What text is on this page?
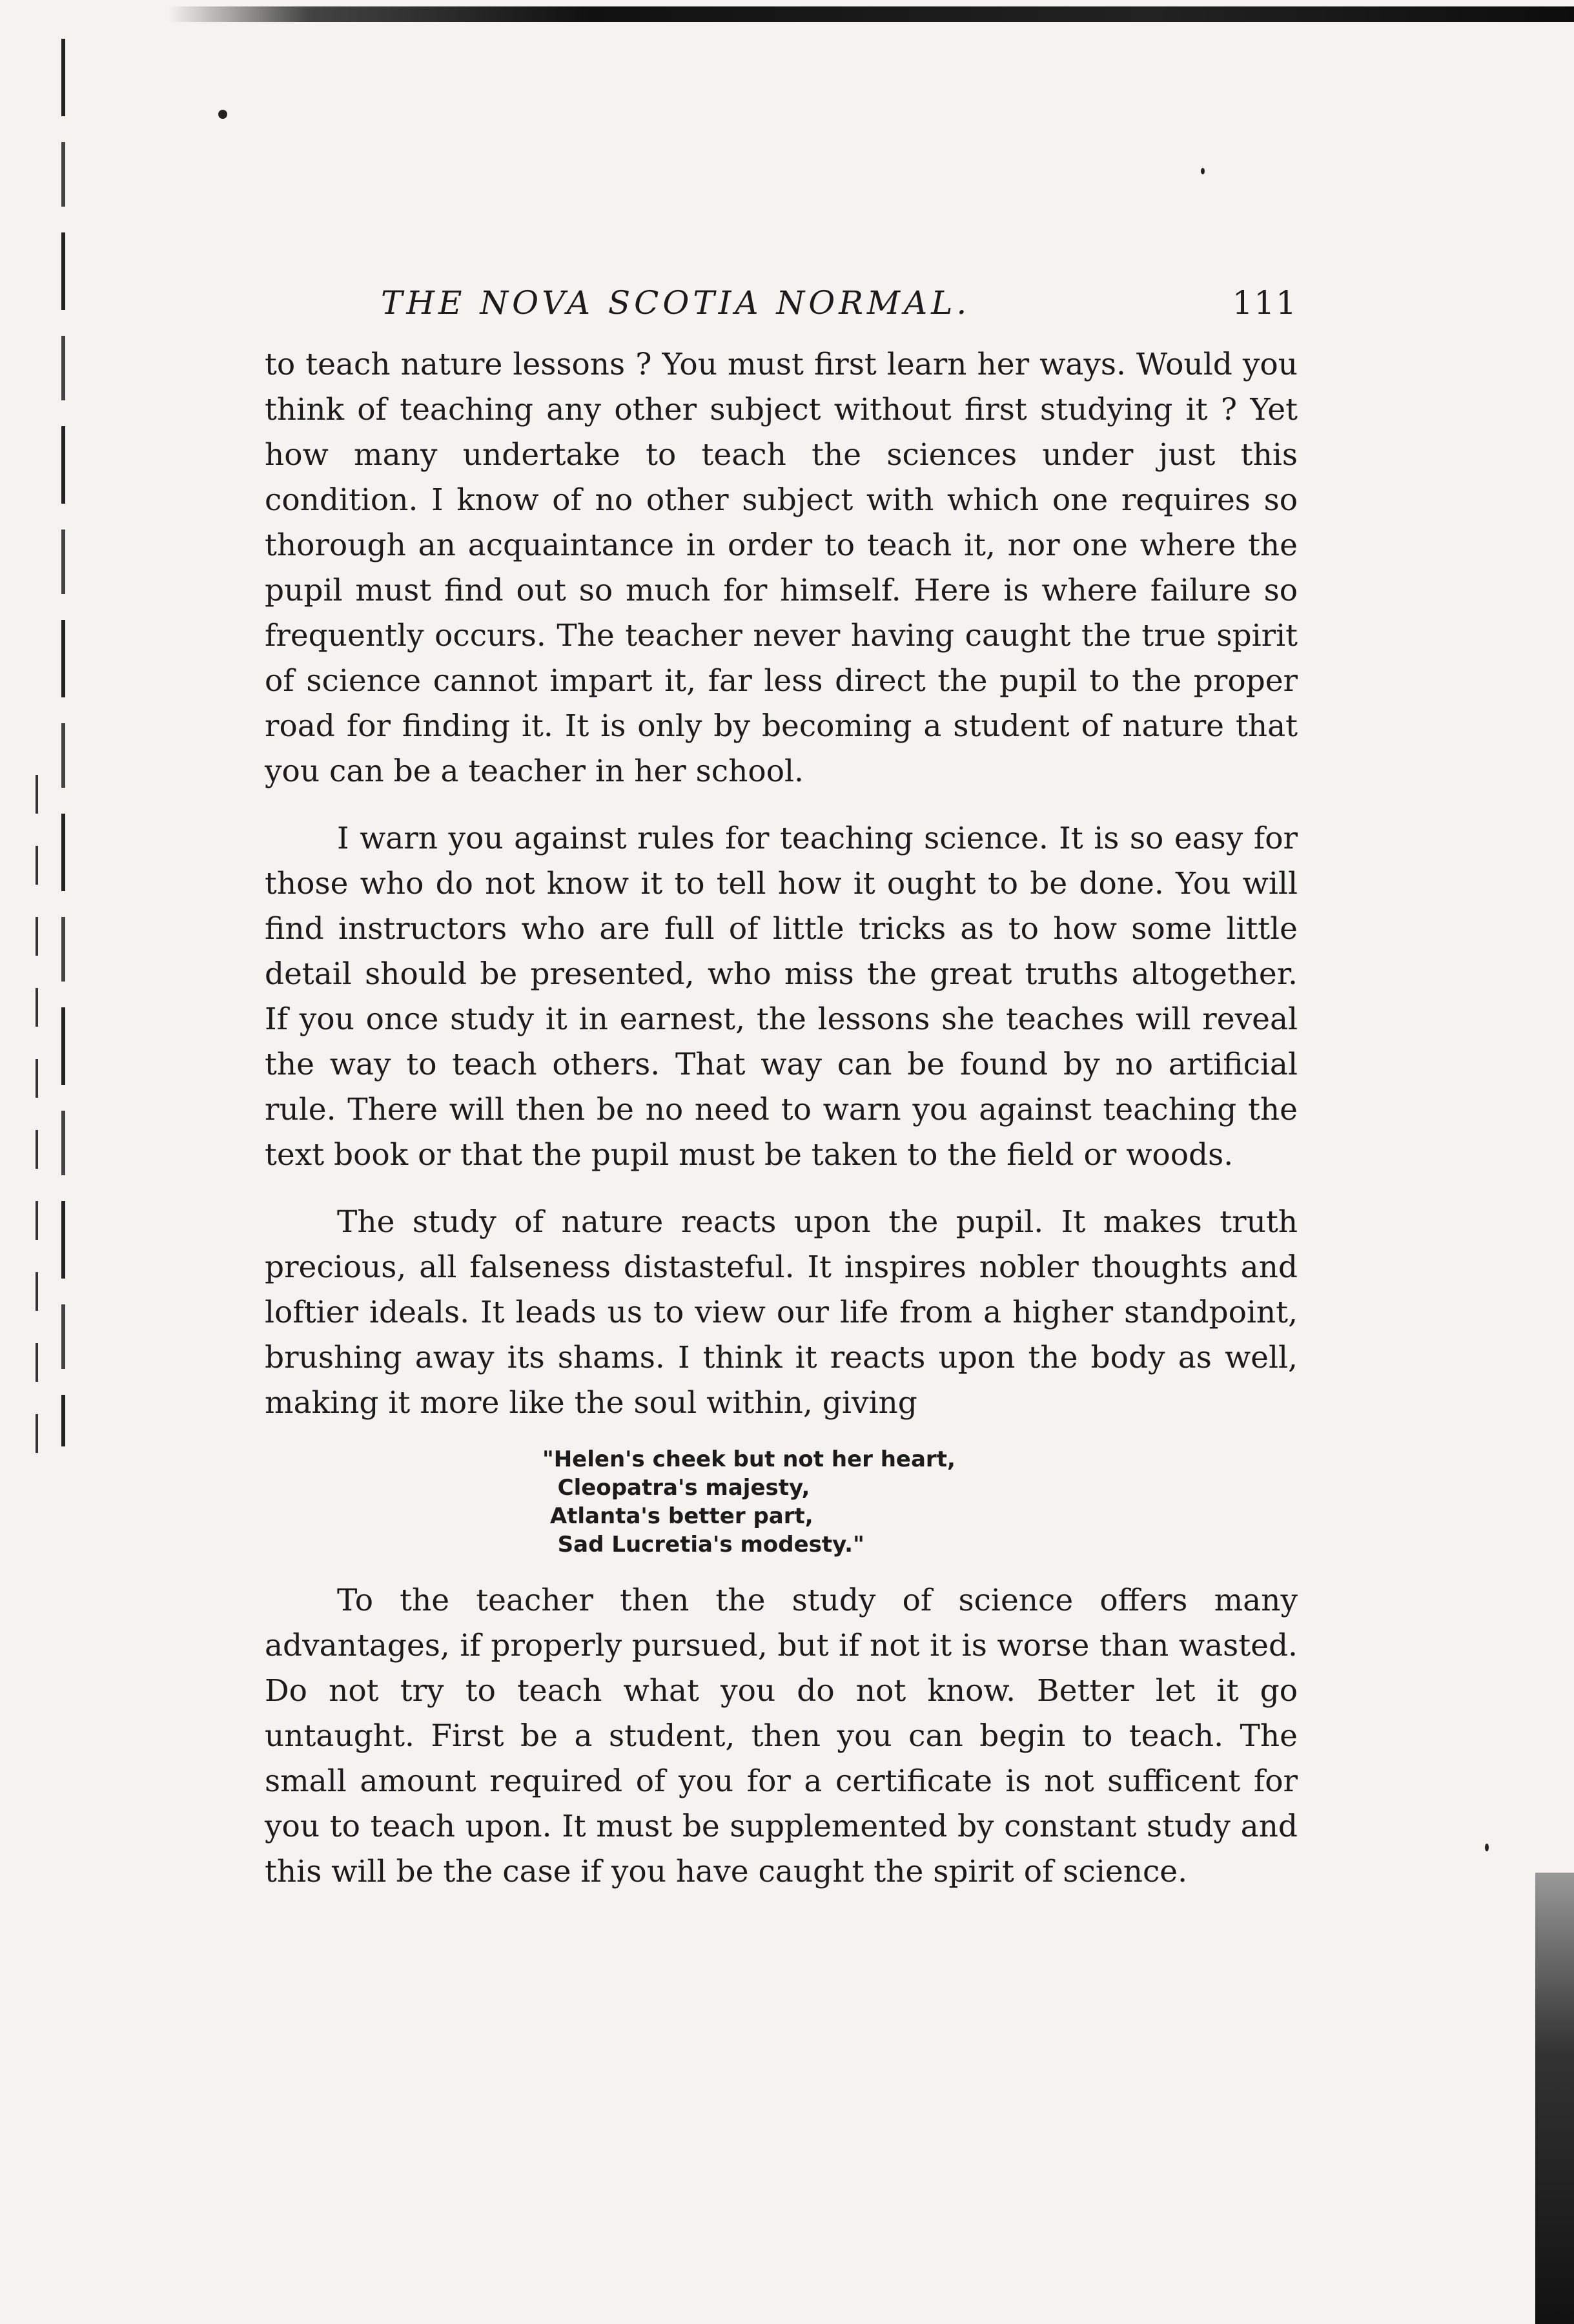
THE NOVA SCOTIA NORMAL.	111

to teach nature lessons ? You must first learn her ways. Would you think of teaching any other subject without first studying it ? Yet how many undertake to teach the sciences under just this condition. I know of no other subject with which one requires so thorough an acquaintance in order to teach it, nor one where the pupil must find out so much for himself. Here is where failure so frequently occurs. The teacher never having caught the true spirit of science cannot impart it, far less direct the pupil to the proper road for finding it. It is only by becoming a student of nature that you can be a teacher in her school.

I warn you against rules for teaching science. It is so easy for those who do not know it to tell how it ought to be done. You will find instructors who are full of little tricks as to how some little detail should be presented, who miss the great truths altogether. If you once study it in earnest, the lessons she teaches will reveal the way to teach others. That way can be found by no artificial rule. There will then be no need to warn you against teaching the text book or that the pupil must be taken to the field or woods.

The study of nature reacts upon the pupil. It makes truth precious, all falseness distasteful. It inspires nobler thoughts and loftier ideals. It leads us to view our life from a higher standpoint, brushing away its shams. I think it reacts upon the body as well, making it more like the soul within, giving

"Helen's cheek but not her heart,
Cleopatra's majesty,
Atlanta's better part,
Sad Lucretia's modesty."

To the teacher then the study of science offers many advantages, if properly pursued, but if not it is worse than wasted. Do not try to teach what you do not know. Better let it go untaught. First be a student, then you can begin to teach. The small amount required of you for a certificate is not sufficent for you to teach upon. It must be supplemented by constant study and this will be the case if you have caught the spirit of science.
